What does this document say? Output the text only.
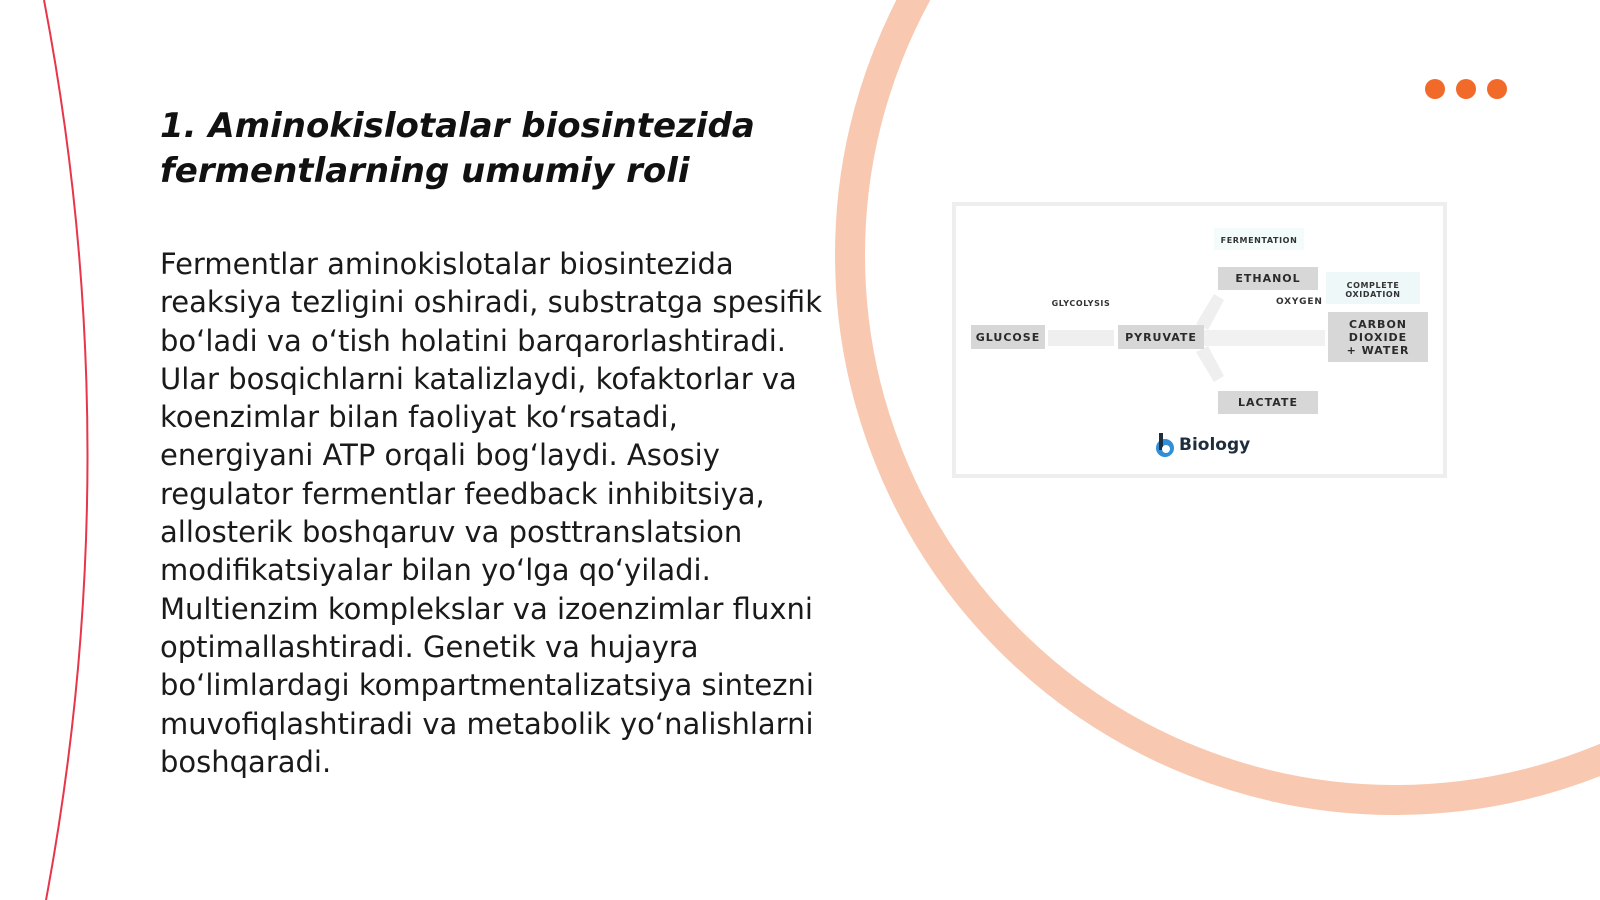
1. Aminokislotalar biosintezida
fermentlarning umumiy roli

Fermentlar aminokislotalar biosintezida
reaksiya tezligini oshiradi, substratga spesifik
bo‘ladi va o‘tish holatini barqarorlashtiradi.
Ular bosqichlarni katalizlaydi, kofaktorlar va
koenzimlar bilan faoliyat ko‘rsatadi,
energiyani ATP orqali bog‘laydi. Asosiy
regulator fermentlar feedback inhibitsiya,
allosterik boshqaruv va posttranslatsion
modifikatsiyalar bilan yo‘lga qo‘yiladi.
Multienzim komplekslar va izoenzimlar fluxni
optimallashtiradi. Genetik va hujayra
bo‘limlardagi kompartmentalizatsiya sintezni
muvofiqlashtiradi va metabolik yo‘nalishlarni
boshqaradi.

FERMENTATION
ETHANOL
COMPLETE
OXIDATION
GLYCOLYSIS	OXYGEN
GLUCOSE	PYRUVATE
CARBON
DIOXIDE
+ WATER
LACTATE
Biology
